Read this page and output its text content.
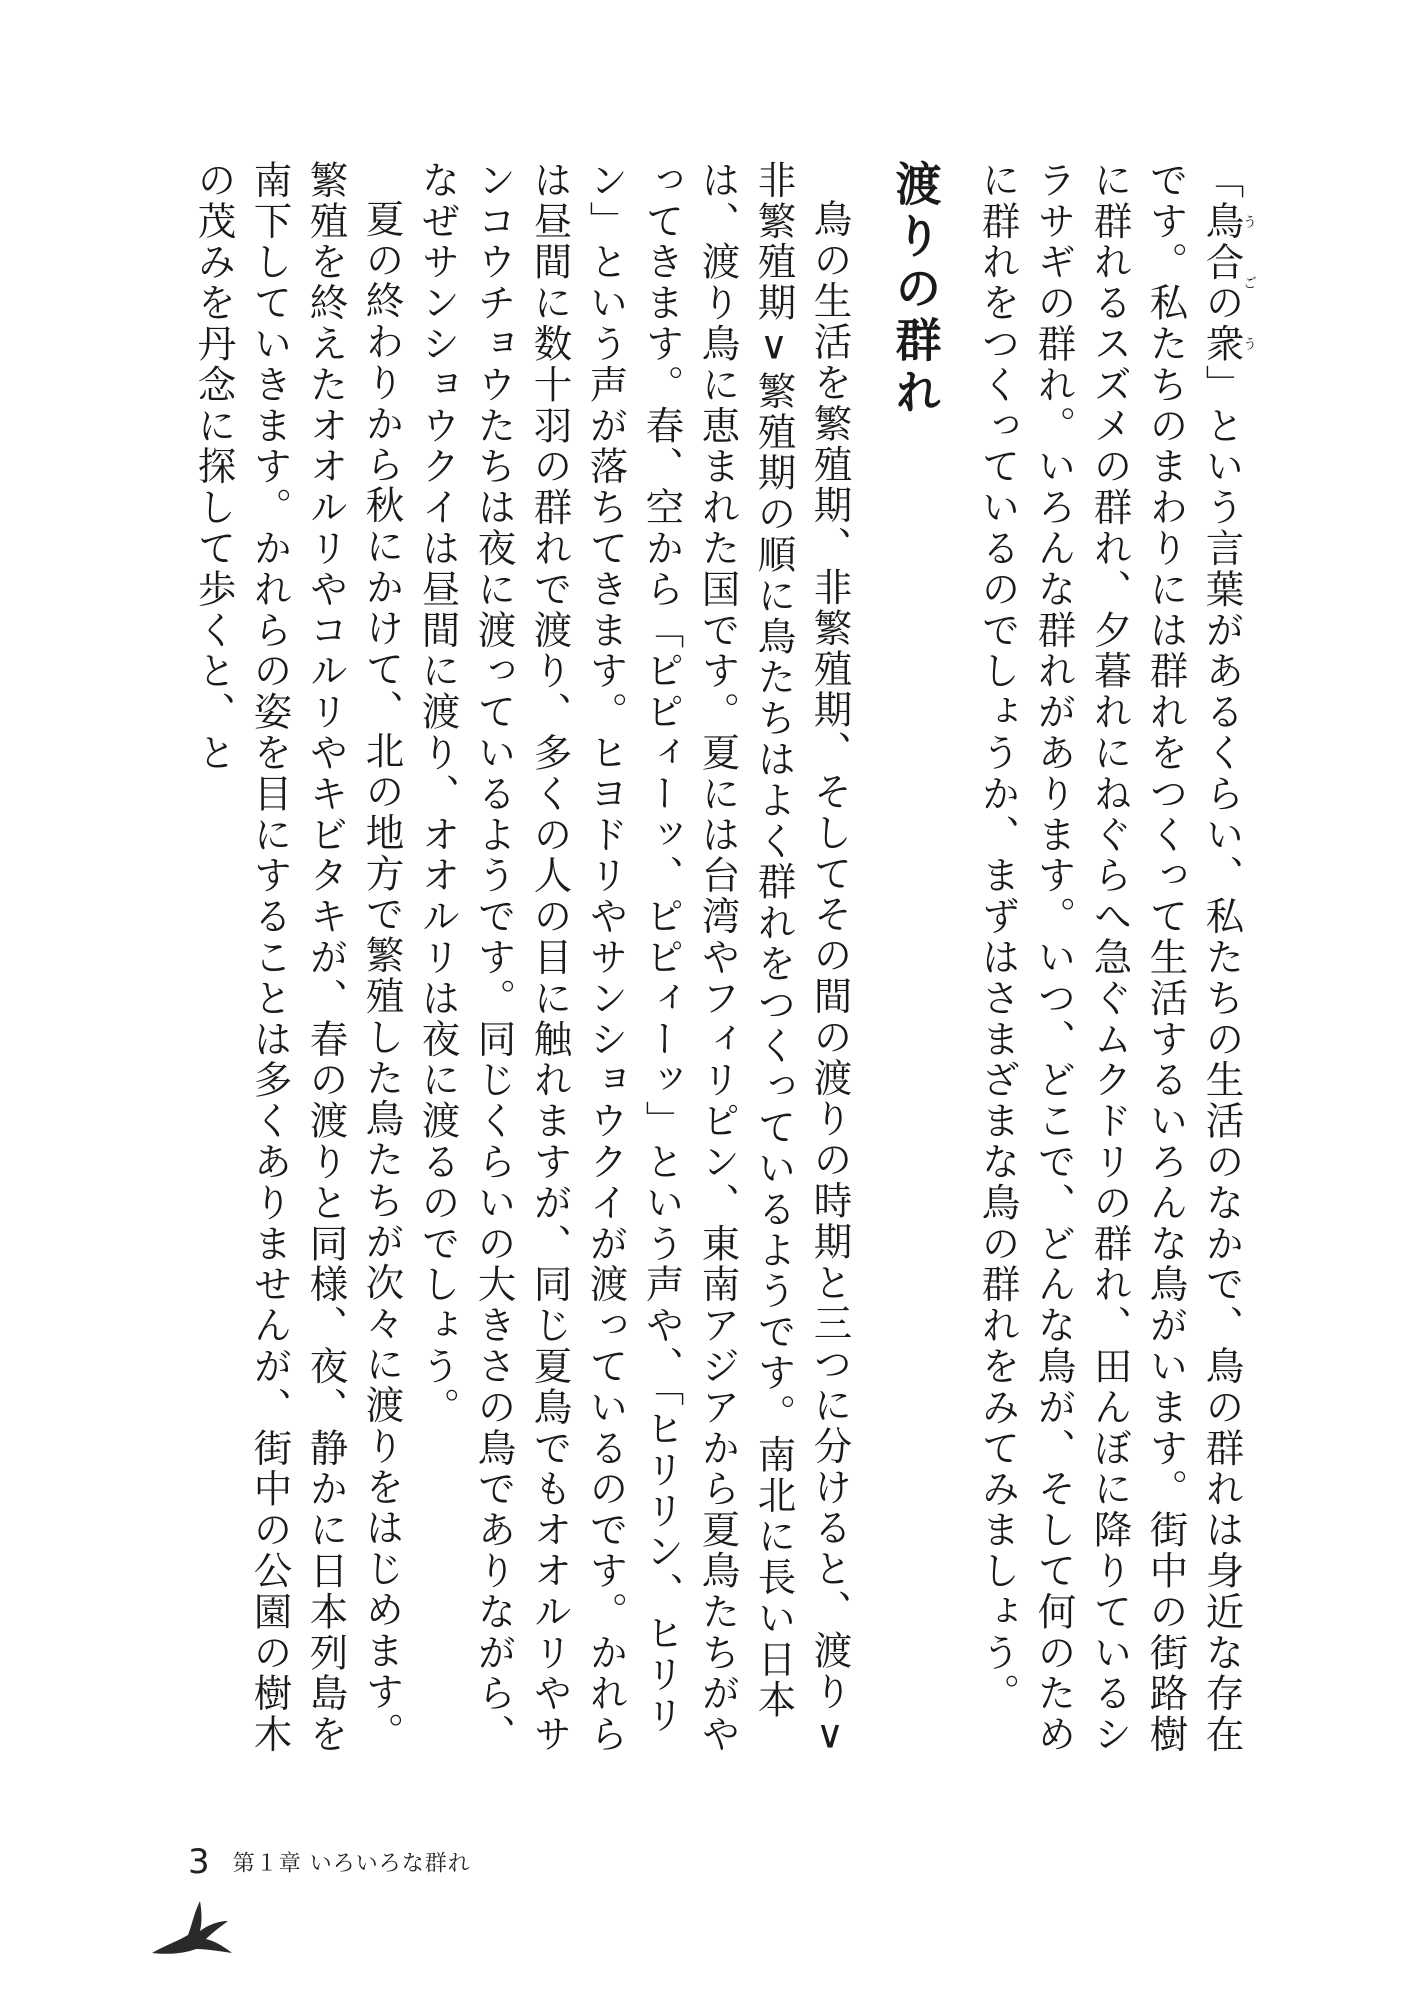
「鳥合の衆うごう」という言葉があるくらい、私たちの生活のなかで、鳥の群れは身近な存在です。私たちのまわりには群れをつくって生活するいろんな鳥がいます。街中の街路樹に群れるスズメの群れ、夕暮れにねぐらへ急ぐムクドリの群れ、田んぼに降りているシラサギの群れ。いろんな群れがあります。いつ、どこで、どんな鳥が、そして何のために群れをつくっているのでしょうか、まずはさまざまな鳥の群れをみてみましょう。

渡りの群れ

鳥の生活を繁殖期、非繁殖期、そしてその間の渡りの時期と三つに分けると、渡り∨非繁殖期∨繁殖期の順に鳥たちはよく群れをつくっているようです。南北に長い日本は、渡り鳥に恵まれた国です。夏には台湾やフィリピン、東南アジアから夏鳥たちがやってきます。春、空から「ピピィーッ、ピピィーッ」という声や、「ヒリリン、ヒリリン」という声が落ちてきます。ヒヨドリやサンショウクイが渡っているのです。かれらは昼間に数十羽の群れで渡り、多くの人の目に触れますが、同じ夏鳥でもオオルリやサンコウチョウたちは夜に渡っているようです。同じくらいの大きさの鳥でありながら、なぜサンショウクイは昼間に渡り、オオルリは夜に渡るのでしょう。

夏の終わりから秋にかけて、北の地方で繁殖した鳥たちが次々に渡りをはじめます。繁殖を終えたオオルリやコルリやキビタキが、春の渡りと同様、夜、静かに日本列島を南下していきます。かれらの姿を目にすることは多くありませんが、街中の公園の樹木の茂みを丹念に探して歩くと、と

3 第１章 いろいろな群れ
